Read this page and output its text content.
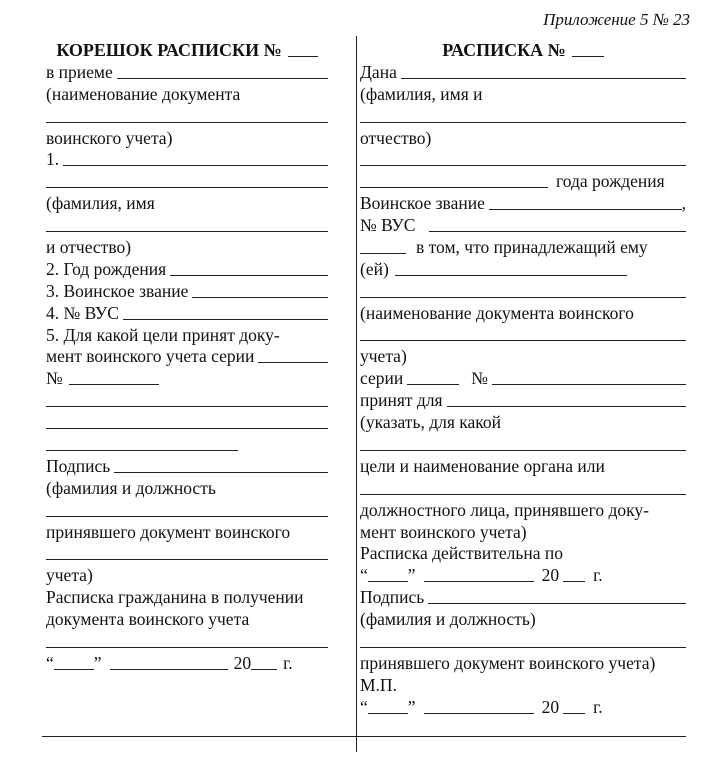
Приложение 5 № 23
КОРЕШОК РАСПИСКИ №
в приеме
(наименование документа
воинского учета)
1.
(фамилия, имя
и отчество)
2. Год рождения
3. Воинское звание
4. № ВУС
5. Для какой цели принят доку-
мент воинского учета серии
№
Подпись
(фамилия и должность
принявшего документ воинского
учета)
Расписка гражданина в получении
документа воинского учета
“ ”	20 г.
РАСПИСКА №
Дана
(фамилия, имя и
отчество)
года рождения
Воинское звание	,
№ ВУС
в том, что принадлежащий ему
(ей)
(наименование документа воинского
учета)
серии	№
принят для
(указать, для какой
цели и наименование органа или
должностного лица, принявшего доку-
мент воинского учета)
Расписка действительна по
“ ”	20 г.
Подпись
(фамилия и должность)
принявшего документ воинского учета)
М.П.
“ ”	20 г.
